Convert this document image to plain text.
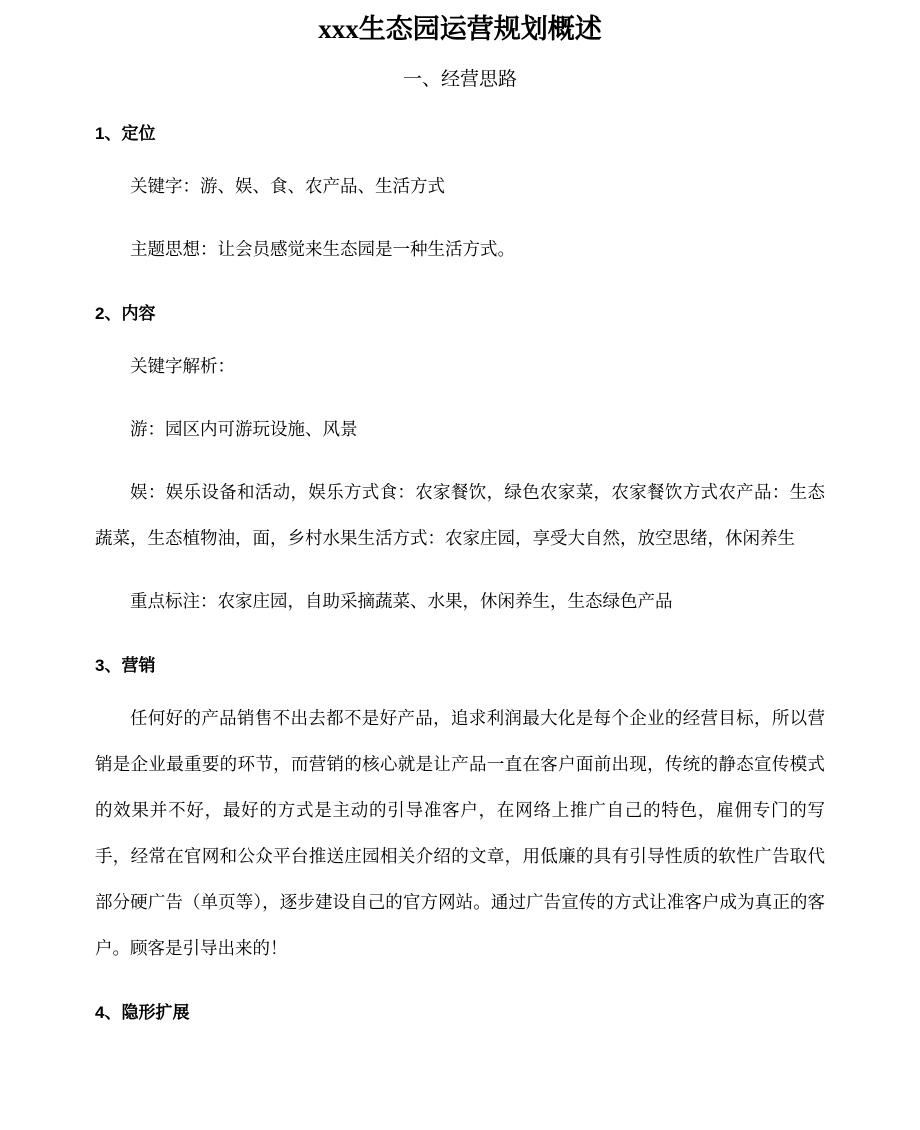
xxx生态园运营规划概述
一、经营思路
1、定位

关键字：游、娱、食、农产品、生活方式

主题思想：让会员感觉来生态园是一种生活方式。

2、内容

关键字解析：

游：园区内可游玩设施、风景

娱：娱乐设备和活动，娱乐方式食：农家餐饮，绿色农家菜，农家餐饮方式农产品：生态蔬菜，生态植物油，面，乡村水果生活方式：农家庄园，享受大自然，放空思绪，休闲养生

重点标注：农家庄园，自助采摘蔬菜、水果，休闲养生，生态绿色产品

3、营销

任何好的产品销售不出去都不是好产品，追求利润最大化是每个企业的经营目标，所以营销是企业最重要的环节，而营销的核心就是让产品一直在客户面前出现，传统的静态宣传模式的效果并不好，最好的方式是主动的引导准客户，在网络上推广自己的特色，雇佣专门的写手，经常在官网和公众平台推送庄园相关介绍的文章，用低廉的具有引导性质的软性广告取代部分硬广告（单页等），逐步建设自己的官方网站。通过广告宣传的方式让准客户成为真正的客户。顾客是引导出来的！

4、隐形扩展
